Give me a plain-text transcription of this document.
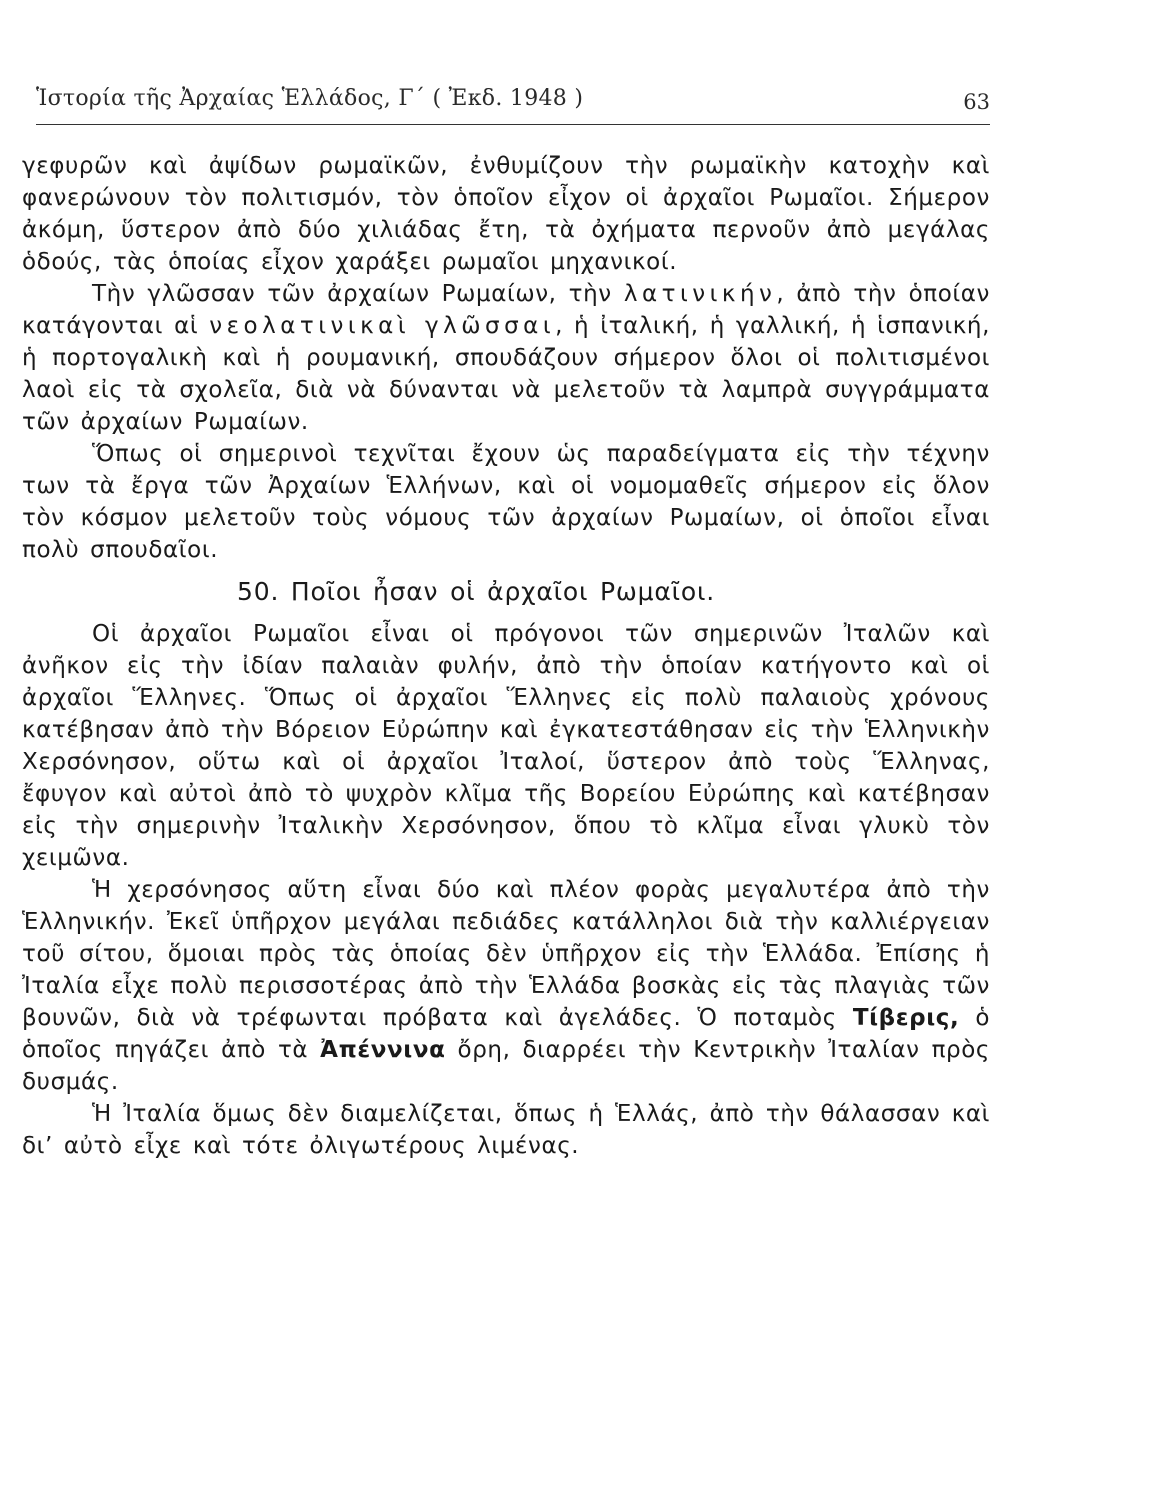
Ἱστορία τῆς Ἀρχαίας Ἑλλάδος, Γ΄ ( Ἐκδ. 1948 )	63

γεφυρῶν καὶ ἀψίδων ρωμαϊκῶν, ἐνθυμίζουν τὴν ρωμαϊκὴν κατοχὴν καὶ φανερώνουν τὸν πολιτισμόν, τὸν ὁποῖον εἶχον οἱ ἀρχαῖοι Ρωμαῖοι. Σήμερον ἀκόμη, ὕστερον ἀπὸ δύο χιλιάδας ἔτη, τὰ ὀχήματα περνοῦν ἀπὸ μεγάλας ὁδούς, τὰς ὁποίας εἶχον χαράξει ρωμαῖοι μηχανικοί.

Τὴν γλῶσσαν τῶν ἀρχαίων Ρωμαίων, τὴν λατινικήν, ἀπὸ τὴν ὁποίαν κατάγονται αἱ νεολατινικαὶ γλῶσσαι, ἡ ἰταλική, ἡ γαλλική, ἡ ἱσπανική, ἡ πορτογαλικὴ καὶ ἡ ρουμανική, σπουδάζουν σήμερον ὅλοι οἱ πολιτισμένοι λαοὶ εἰς τὰ σχολεῖα, διὰ νὰ δύνανται νὰ μελετοῦν τὰ λαμπρὰ συγγράμματα τῶν ἀρχαίων Ρωμαίων.

Ὅπως οἱ σημερινοὶ τεχνῖται ἔχουν ὡς παραδείγματα εἰς τὴν τέχνην των τὰ ἔργα τῶν Ἀρχαίων Ἑλλήνων, καὶ οἱ νομομαθεῖς σήμερον εἰς ὅλον τὸν κόσμον μελετοῦν τοὺς νόμους τῶν ἀρχαίων Ρωμαίων, οἱ ὁποῖοι εἶναι πολὺ σπουδαῖοι.

50. Ποῖοι ἦσαν οἱ ἀρχαῖοι Ρωμαῖοι.

Οἱ ἀρχαῖοι Ρωμαῖοι εἶναι οἱ πρόγονοι τῶν σημερινῶν Ἰταλῶν καὶ ἀνῆκον εἰς τὴν ἰδίαν παλαιὰν φυλήν, ἀπὸ τὴν ὁποίαν κατήγοντο καὶ οἱ ἀρχαῖοι Ἕλληνες. Ὅπως οἱ ἀρχαῖοι Ἕλληνες εἰς πολὺ παλαιοὺς χρόνους κατέβησαν ἀπὸ τὴν Βόρειον Εὐρώπην καὶ ἐγκατεστάθησαν εἰς τὴν Ἑλληνικὴν Χερσόνησον, οὕτω καὶ οἱ ἀρχαῖοι Ἰταλοί, ὕστερον ἀπὸ τοὺς Ἕλληνας, ἔφυγον καὶ αὐτοὶ ἀπὸ τὸ ψυχρὸν κλῖμα τῆς Βορείου Εὐρώπης καὶ κατέβησαν εἰς τὴν σημερινὴν Ἰταλικὴν Χερσόνησον, ὅπου τὸ κλῖμα εἶναι γλυκὺ τὸν χειμῶνα.

Ἡ χερσόνησος αὕτη εἶναι δύο καὶ πλέον φορὰς μεγαλυτέρα ἀπὸ τὴν Ἑλληνικήν. Ἐκεῖ ὑπῆρχον μεγάλαι πεδιάδες κατάλληλοι διὰ τὴν καλλιέργειαν τοῦ σίτου, ὅμοιαι πρὸς τὰς ὁποίας δὲν ὑπῆρχον εἰς τὴν Ἑλλάδα. Ἐπίσης ἡ Ἰταλία εἶχε πολὺ περισσοτέρας ἀπὸ τὴν Ἑλλάδα βοσκὰς εἰς τὰς πλαγιὰς τῶν βουνῶν, διὰ νὰ τρέφωνται πρόβατα καὶ ἀγελάδες. Ὁ ποταμὸς Τίβερις, ὁ ὁποῖος πηγάζει ἀπὸ τὰ Ἀπέννινα ὄρη, διαρρέει τὴν Κεντρικὴν Ἰταλίαν πρὸς δυσμάς.

Ἡ Ἰταλία ὅμως δὲν διαμελίζεται, ὅπως ἡ Ἑλλάς, ἀπὸ τὴν θάλασσαν καὶ δι’ αὐτὸ εἶχε καὶ τότε ὀλιγωτέρους λιμένας.
